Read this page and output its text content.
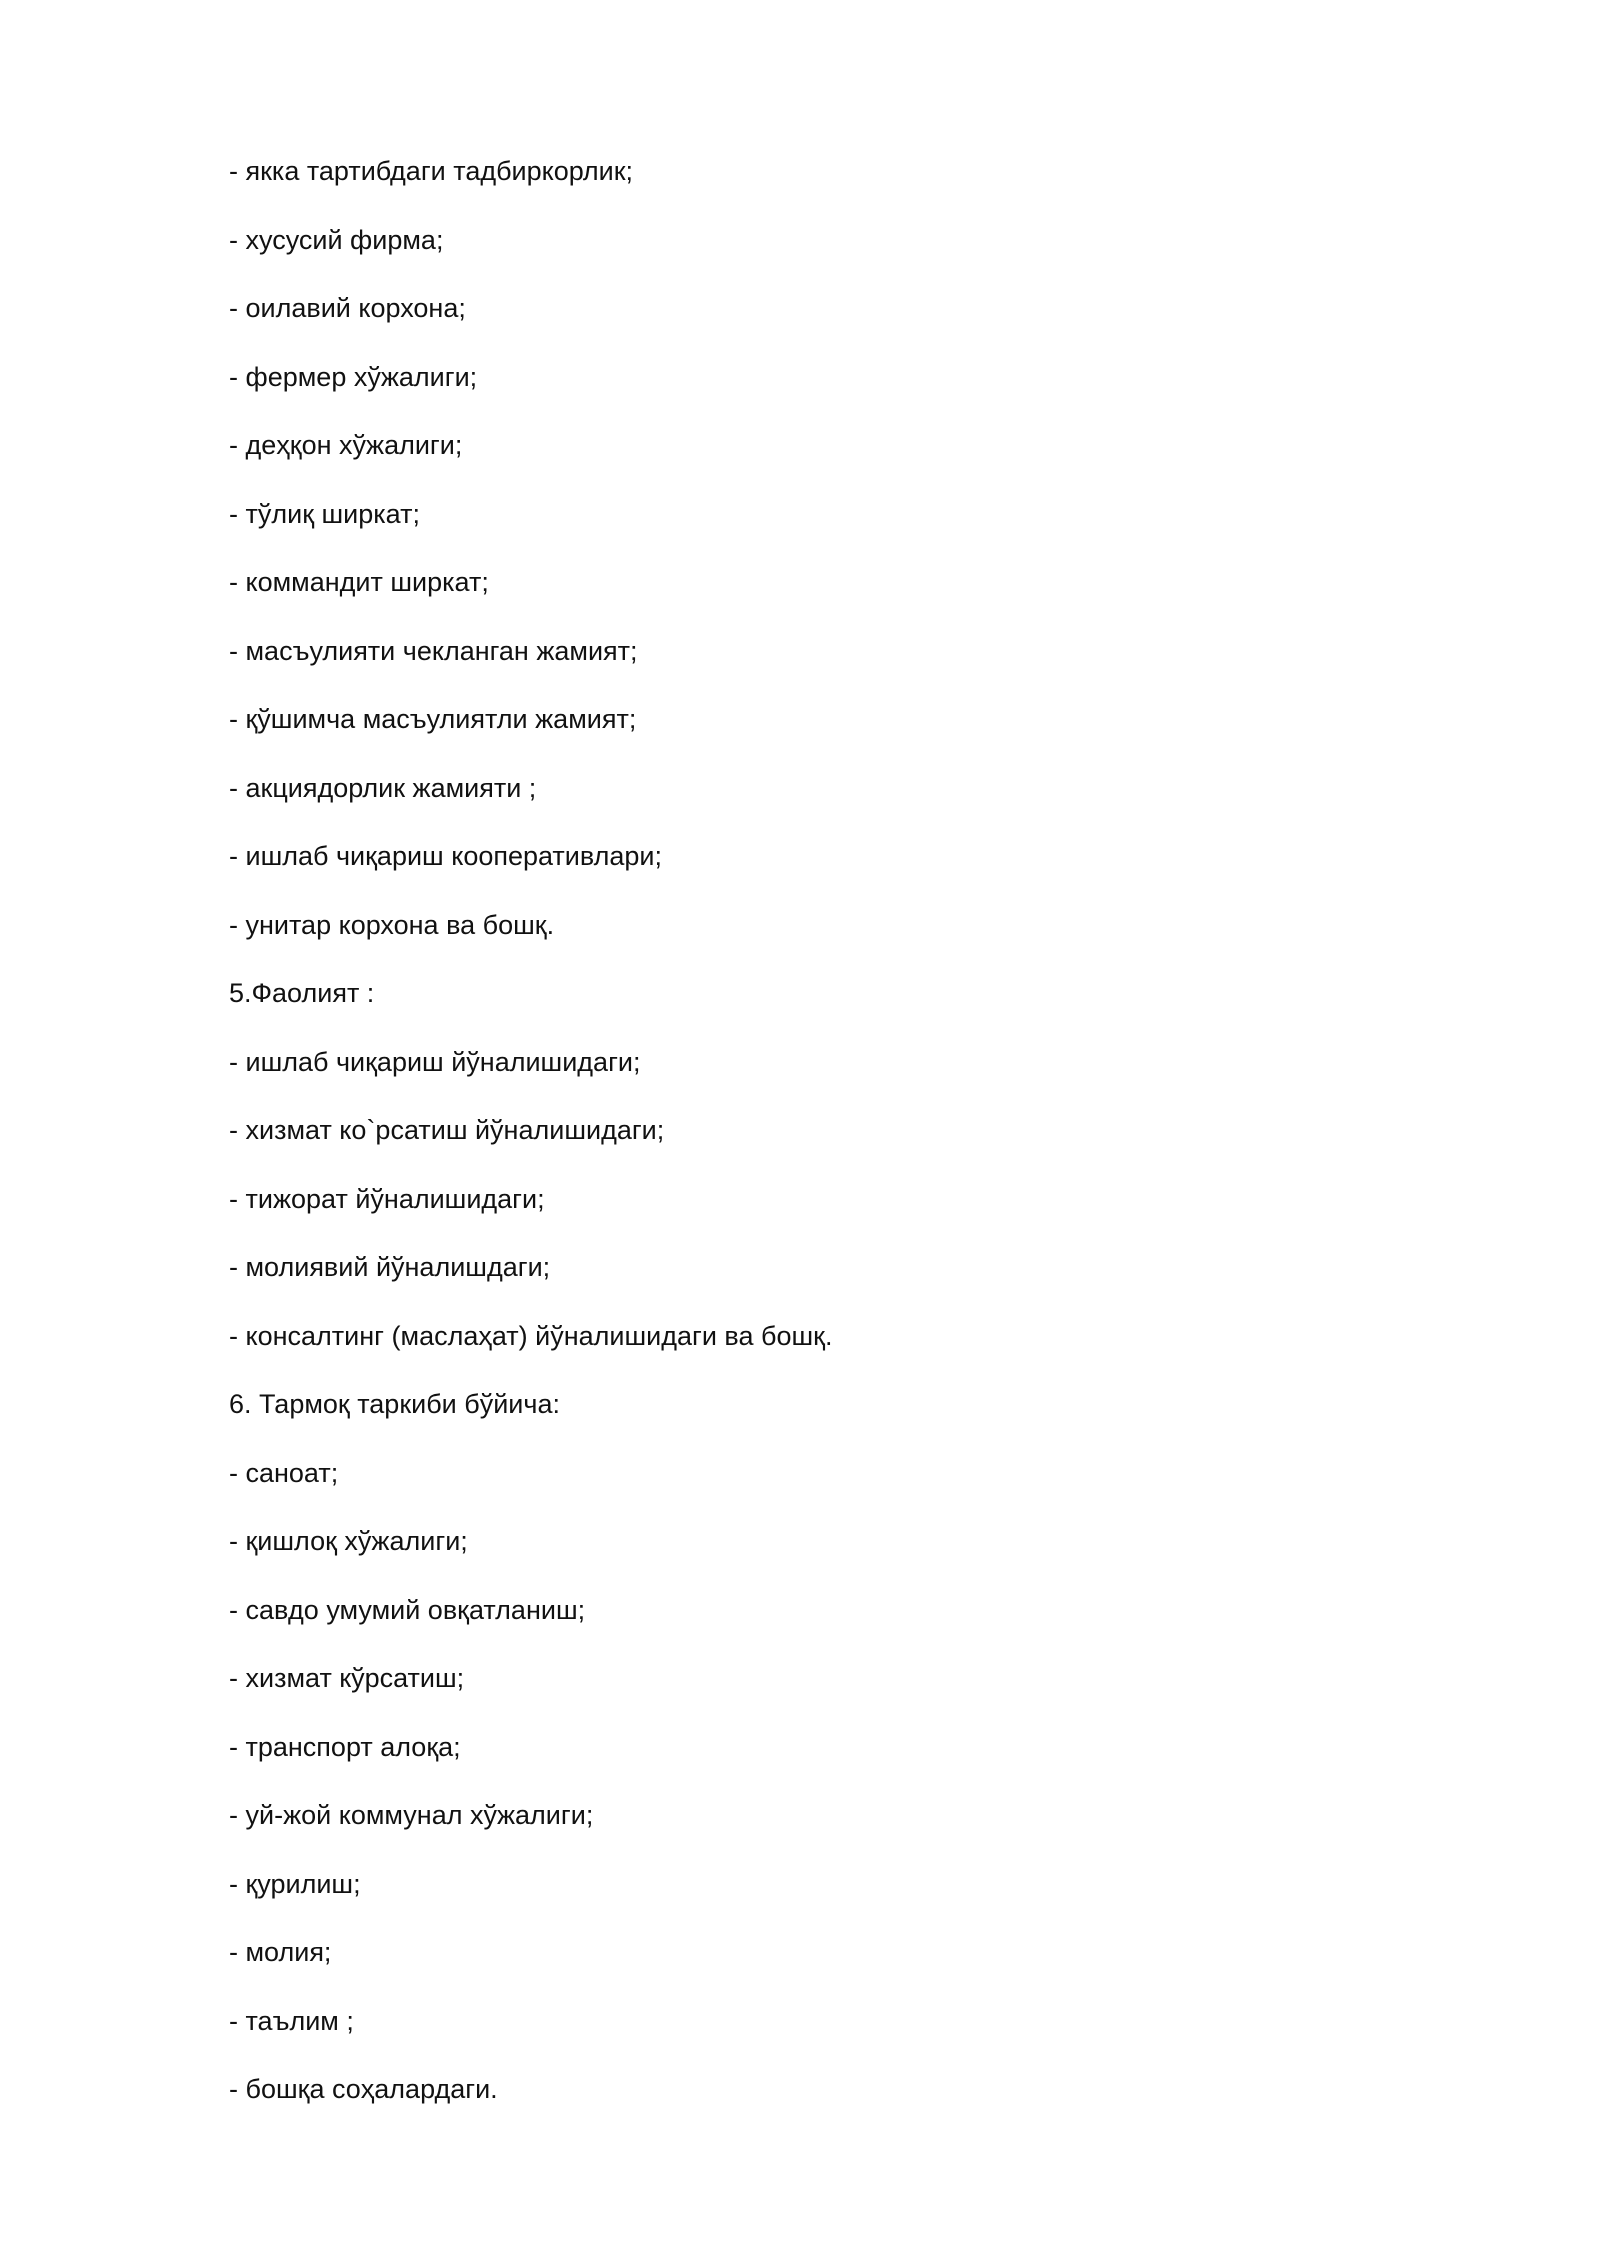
- якка тартибдаги тадбиркорлик;
- хусусий фирма;
- оилавий корхона;
- фермер хўжалиги;
- деҳқон хўжалиги;
- тўлиқ ширкат;
- коммандит ширкат;
- масъулияти чекланган жамият;
- қўшимча масъулиятли жамият;
- акциядорлик жамияти ;
- ишлаб чиқариш кооперативлари;
- унитар корхона ва бошқ.
5.Фаолият :
- ишлаб чиқариш йўналишидаги;
- хизмат ко`рсатиш йўналишидаги;
- тижорат йўналишидаги;
- молиявий йўналишдаги;
- консалтинг (маслаҳат) йўналишидаги ва бошқ.
6. Тармоқ таркиби бўйича:
- саноат;
- қишлоқ хўжалиги;
- савдо умумий овқатланиш;
- хизмат кўрсатиш;
- транспорт алоқа;
- уй-жой коммунал хўжалиги;
- қурилиш;
- молия;
- таълим ;
- бошқа соҳалардаги.
